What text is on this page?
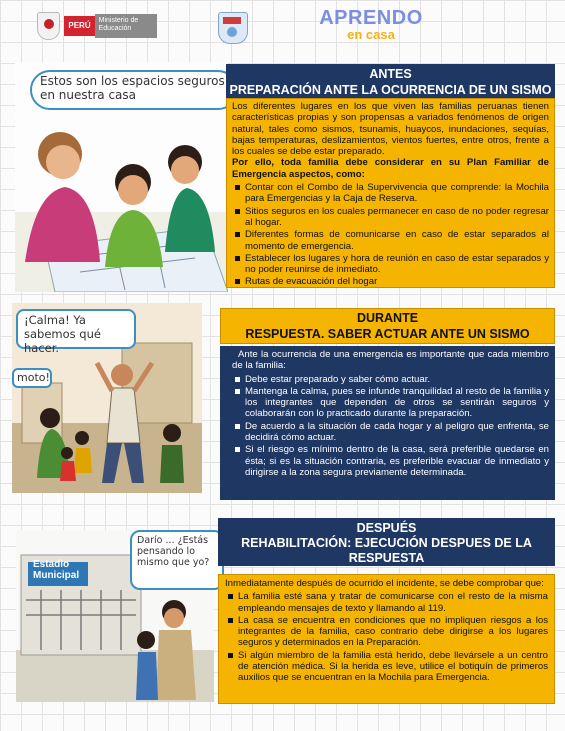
PERÚ
Ministerio de Educación	APRENDO
en casa
Estos son los espacios seguros en nuestra casa
ANTES
PREPARACIÓN ANTE LA OCURRENCIA DE UN SISMO

Los diferentes lugares en los que viven las familias peruanas tienen características propias y son propensas a variados fenómenos de origen natural, tales como sismos, tsunamis, huaycos, inundaciones, sequías, bajas temperaturas, deslizamientos, vientos fuertes, entre otros, frente a los cuales se debe estar preparado.

Por ello, toda familia debe considerar en su Plan Familiar de Emergencia aspectos, como:

Contar con el Combo de la Supervivencia que comprende: la Mochila para Emergencias y la Caja de Reserva.
Sitios seguros en los cuales permanecer en caso de no poder regresar al hogar.
Diferentes formas de comunicarse en caso de estar separados al momento de emergencia.
Establecer los lugares y hora de reunión en caso de estar separados y no poder reunirse de inmediato.
Rutas de evacuación del hogar
¡Calma! Ya sabemos qué hacer.
moto!
DURANTE
RESPUESTA. SABER ACTUAR ANTE UN SISMO

Ante la ocurrencia de una emergencia es importante que cada miembro de la familia:

Debe estar preparado y saber cómo actuar.
Mantenga la calma, pues se infunde tranquilidad al resto de la familia y los integrantes que dependen de otros se sentirán seguros y colaborarán con lo practicado durante la preparación.
De acuerdo a la situación de cada hogar y al peligro que enfrenta, se decidirá cómo actuar.
Si el riesgo es mínimo dentro de la casa, será preferible quedarse en ésta; si es la situación contraria, es preferible evacuar de inmediato y dirigirse a la zona segura previamente determinada.
Estadio Municipal
Darío ... ¿Estás pensando lo mismo que yo?
DESPUÉS
REHABILITACIÓN: EJECUCIÓN DESPUES DE LA RESPUESTA

Inmediatamente después de ocurrido el incidente, se debe comprobar que:

La familia esté sana y tratar de comunicarse con el resto de la misma empleando mensajes de texto y llamando al 119.
La casa se encuentra en condiciones que no impliquen riesgos a los integrantes de la familia, caso contrario debe dirigirse a los lugares seguros y determinados en la Preparación.
Si algún miembro de la familia está herido, debe llevársele a un centro de atención médica. Si la herida es leve, utilice el botiquín de primeros auxilios que se encuentran en la Mochila para Emergencia.
